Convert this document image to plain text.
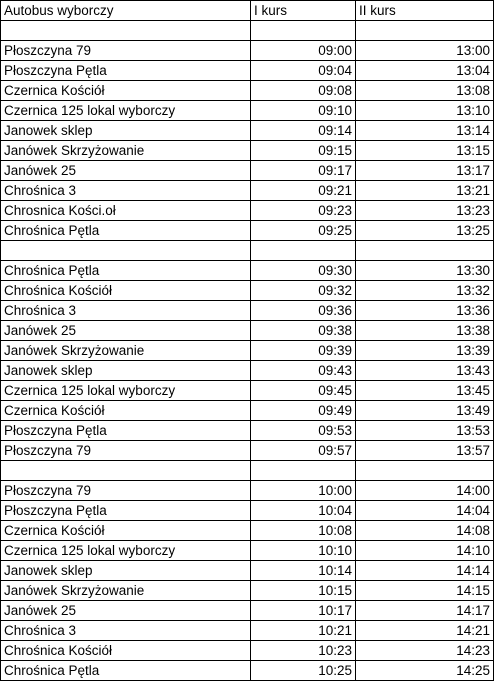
Autobus wyborczy	I kurs	II kurs

Płoszczyna 79	09:00	13:00
Płoszczyna Pętla	09:04	13:04
Czernica Kościół	09:08	13:08
Czernica 125 lokal wyborczy	09:10	13:10
Janowek sklep	09:14	13:14
Janówek Skrzyżowanie	09:15	13:15
Janówek 25	09:17	13:17
Chrośnica 3	09:21	13:21
Chrosnica Kości.oł	09:23	13:23
Chrośnica Pętla	09:25	13:25

Chrośnica Pętla	09:30	13:30
Chrośnica Kościół	09:32	13:32
Chrośnica 3	09:36	13:36
Janówek 25	09:38	13:38
Janówek Skrzyżowanie	09:39	13:39
Janowek sklep	09:43	13:43
Czernica 125 lokal wyborczy	09:45	13:45
Czernica Kościół	09:49	13:49
Płoszczyna Pętla	09:53	13:53
Płoszczyna 79	09:57	13:57

Płoszczyna 79	10:00	14:00
Płoszczyna Pętla	10:04	14:04
Czernica Kościół	10:08	14:08
Czernica 125 lokal wyborczy	10:10	14:10
Janowek sklep	10:14	14:14
Janówek Skrzyżowanie	10:15	14:15
Janówek 25	10:17	14:17
Chrośnica 3	10:21	14:21
Chrośnica Kościół	10:23	14:23
Chrośnica Pętla	10:25	14:25
